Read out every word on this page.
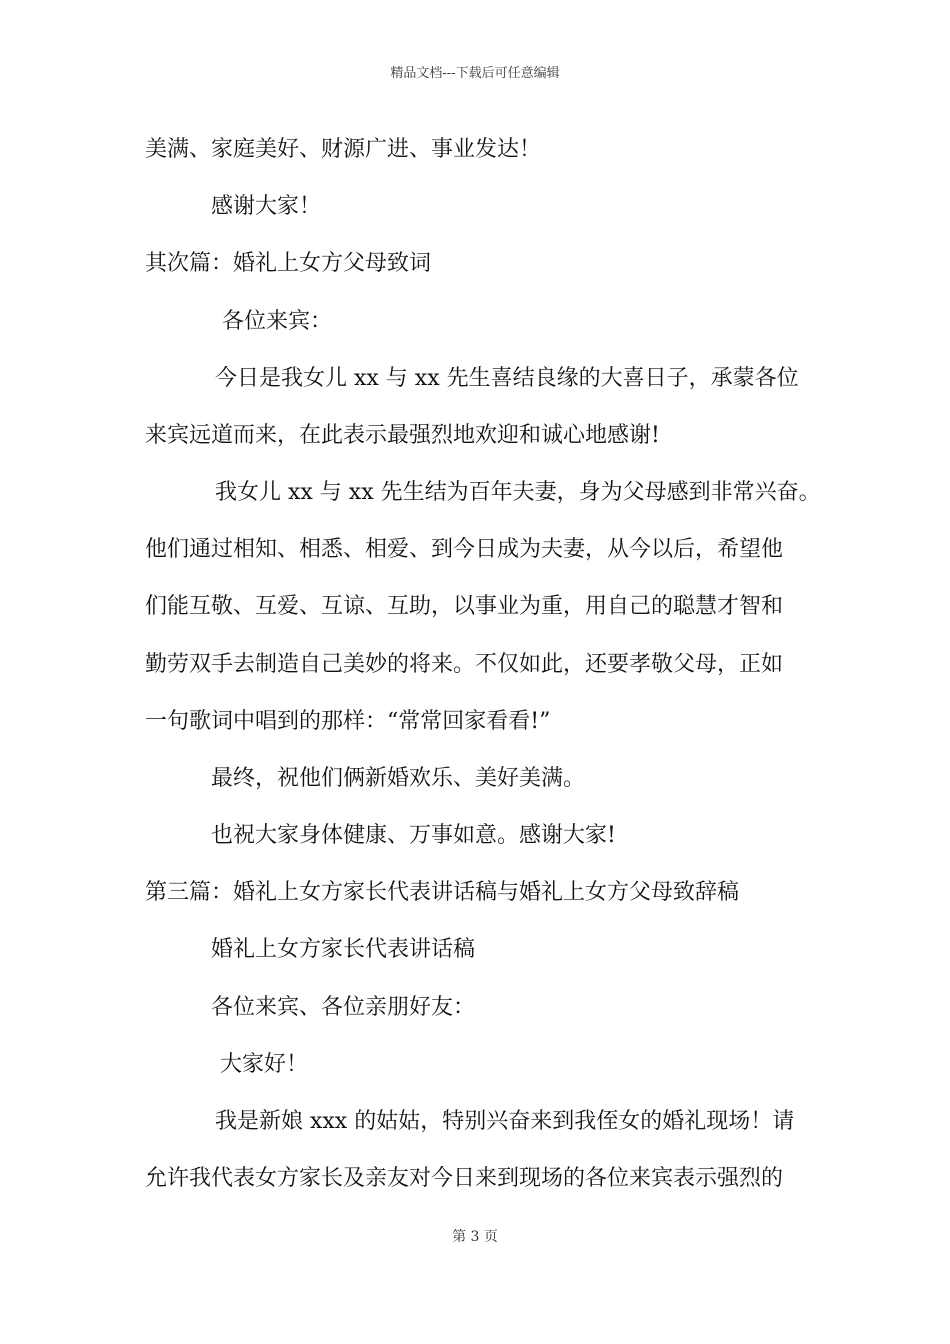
精品文档---下载后可任意编辑
美满、家庭美好、财源广进、事业发达！
感谢大家！
其次篇：婚礼上女方父母致词
各位来宾：
今日是我女儿 xx 与 xx 先生喜结良缘的大喜日子，承蒙各位
来宾远道而来，在此表示最强烈地欢迎和诚心地感谢!
我女儿 xx 与 xx 先生结为百年夫妻，身为父母感到非常兴奋。
他们通过相知、相悉、相爱、到今日成为夫妻，从今以后，希望他
们能互敬、互爱、互谅、互助，以事业为重，用自己的聪慧才智和
勤劳双手去制造自己美妙的将来。不仅如此，还要孝敬父母，正如
一句歌词中唱到的那样：“常常回家看看!”
最终，祝他们俩新婚欢乐、美好美满。
也祝大家身体健康、万事如意。感谢大家!
第三篇：婚礼上女方家长代表讲话稿与婚礼上女方父母致辞稿
婚礼上女方家长代表讲话稿
各位来宾、各位亲朋好友：
大家好！
我是新娘 xxx 的姑姑，特别兴奋来到我侄女的婚礼现场！请
允许我代表女方家长及亲友对今日来到现场的各位来宾表示强烈的
第 3 页
